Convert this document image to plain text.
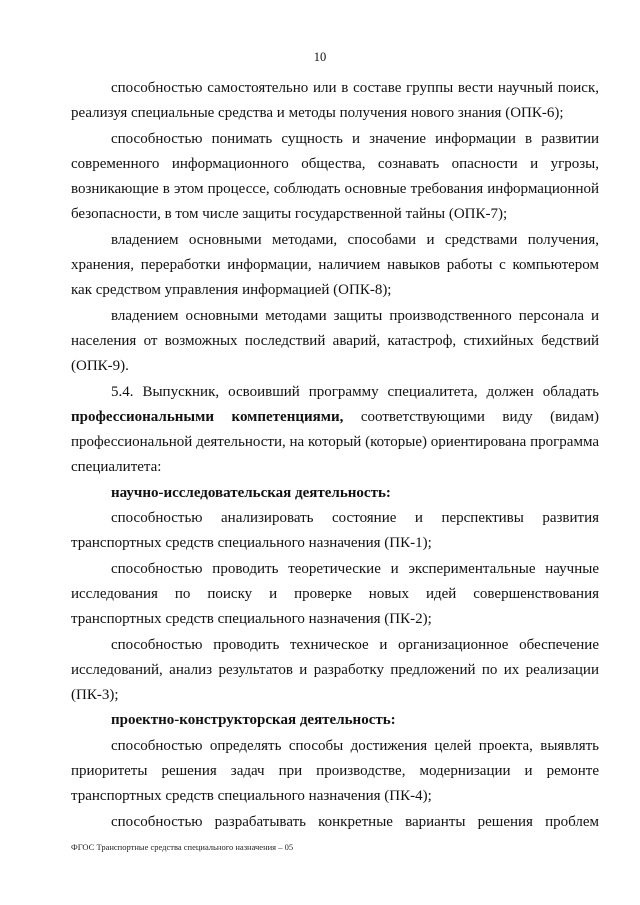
10

способностью самостоятельно или в составе группы вести научный поиск, реализуя специальные средства и методы получения нового знания (ОПК-6);

способностью понимать сущность и значение информации в развитии современного информационного общества, сознавать опасности и угрозы, возникающие в этом процессе, соблюдать основные требования информационной безопасности, в том числе защиты государственной тайны (ОПК-7);

владением основными методами, способами и средствами получения, хранения, переработки информации, наличием навыков работы с компьютером как средством управления информацией (ОПК-8);

владением основными методами защиты производственного персонала и населения от возможных последствий аварий, катастроф, стихийных бедствий (ОПК-9).

5.4. Выпускник, освоивший программу специалитета, должен обладать профессиональными компетенциями, соответствующими виду (видам) профессиональной деятельности, на который (которые) ориентирована программа специалитета:

научно-исследовательская деятельность:

способностью анализировать состояние и перспективы развития транспортных средств специального назначения (ПК-1);

способностью проводить теоретические и экспериментальные научные исследования по поиску и проверке новых идей совершенствования транспортных средств специального назначения (ПК-2);

способностью проводить техническое и организационное обеспечение исследований, анализ результатов и разработку предложений по их реализации (ПК-3);

проектно-конструкторская деятельность:

способностью определять способы достижения целей проекта, выявлять приоритеты решения задач при производстве, модернизации и ремонте транспортных средств специального назначения (ПК-4);

способностью разрабатывать конкретные варианты решения проблем

ФГОС Транспортные средства специального назначения – 05
